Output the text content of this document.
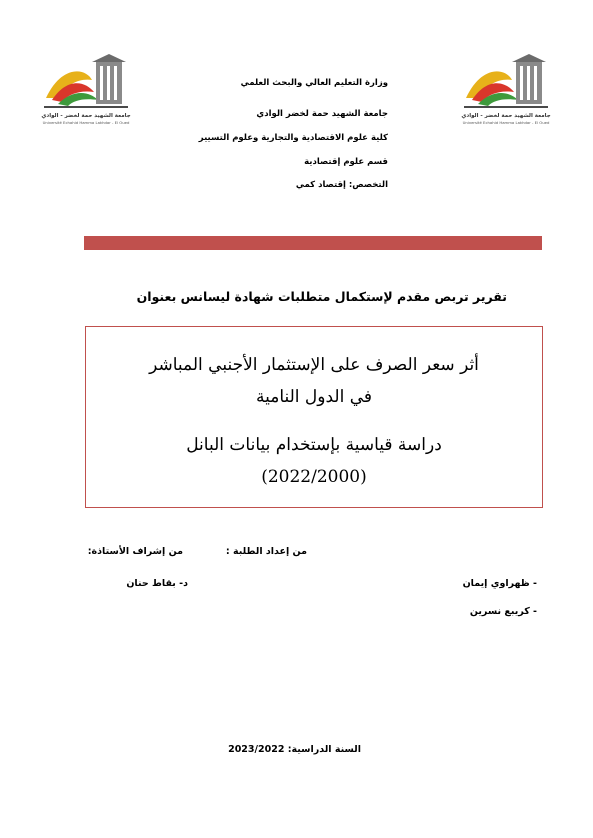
جامعة الشهيد حمة لخضر - الوادي
Université Echahid Hamma Lakhdar - El Oued
جامعة الشهيد حمة لخضر - الوادي
Université Echahid Hamma Lakhdar - El Oued
وزارة التعليم العالي والبحث العلمي
جامعة الشهيد حمة لخضر الوادي
كلية علوم الاقتصادية والتجارية وعلوم التسيير
قسم علوم إقتصادية
التخصص: إقتصاد كمي
تقرير تربص مقدم لإستكمال متطلبات شهادة ليسانس بعنوان
أثر سعر الصرف على الإستثمار الأجنبي المباشر
في الدول النامية
دراسة قياسية بإستخدام بيانات البانل
(2022/2000)
من إعداد الطلبة :
من إشراف الأستاذة:
- ظهراوي إيمان
د- بقاط حنان
- كريبع نسرين
السنة الدراسية: 2023/2022
